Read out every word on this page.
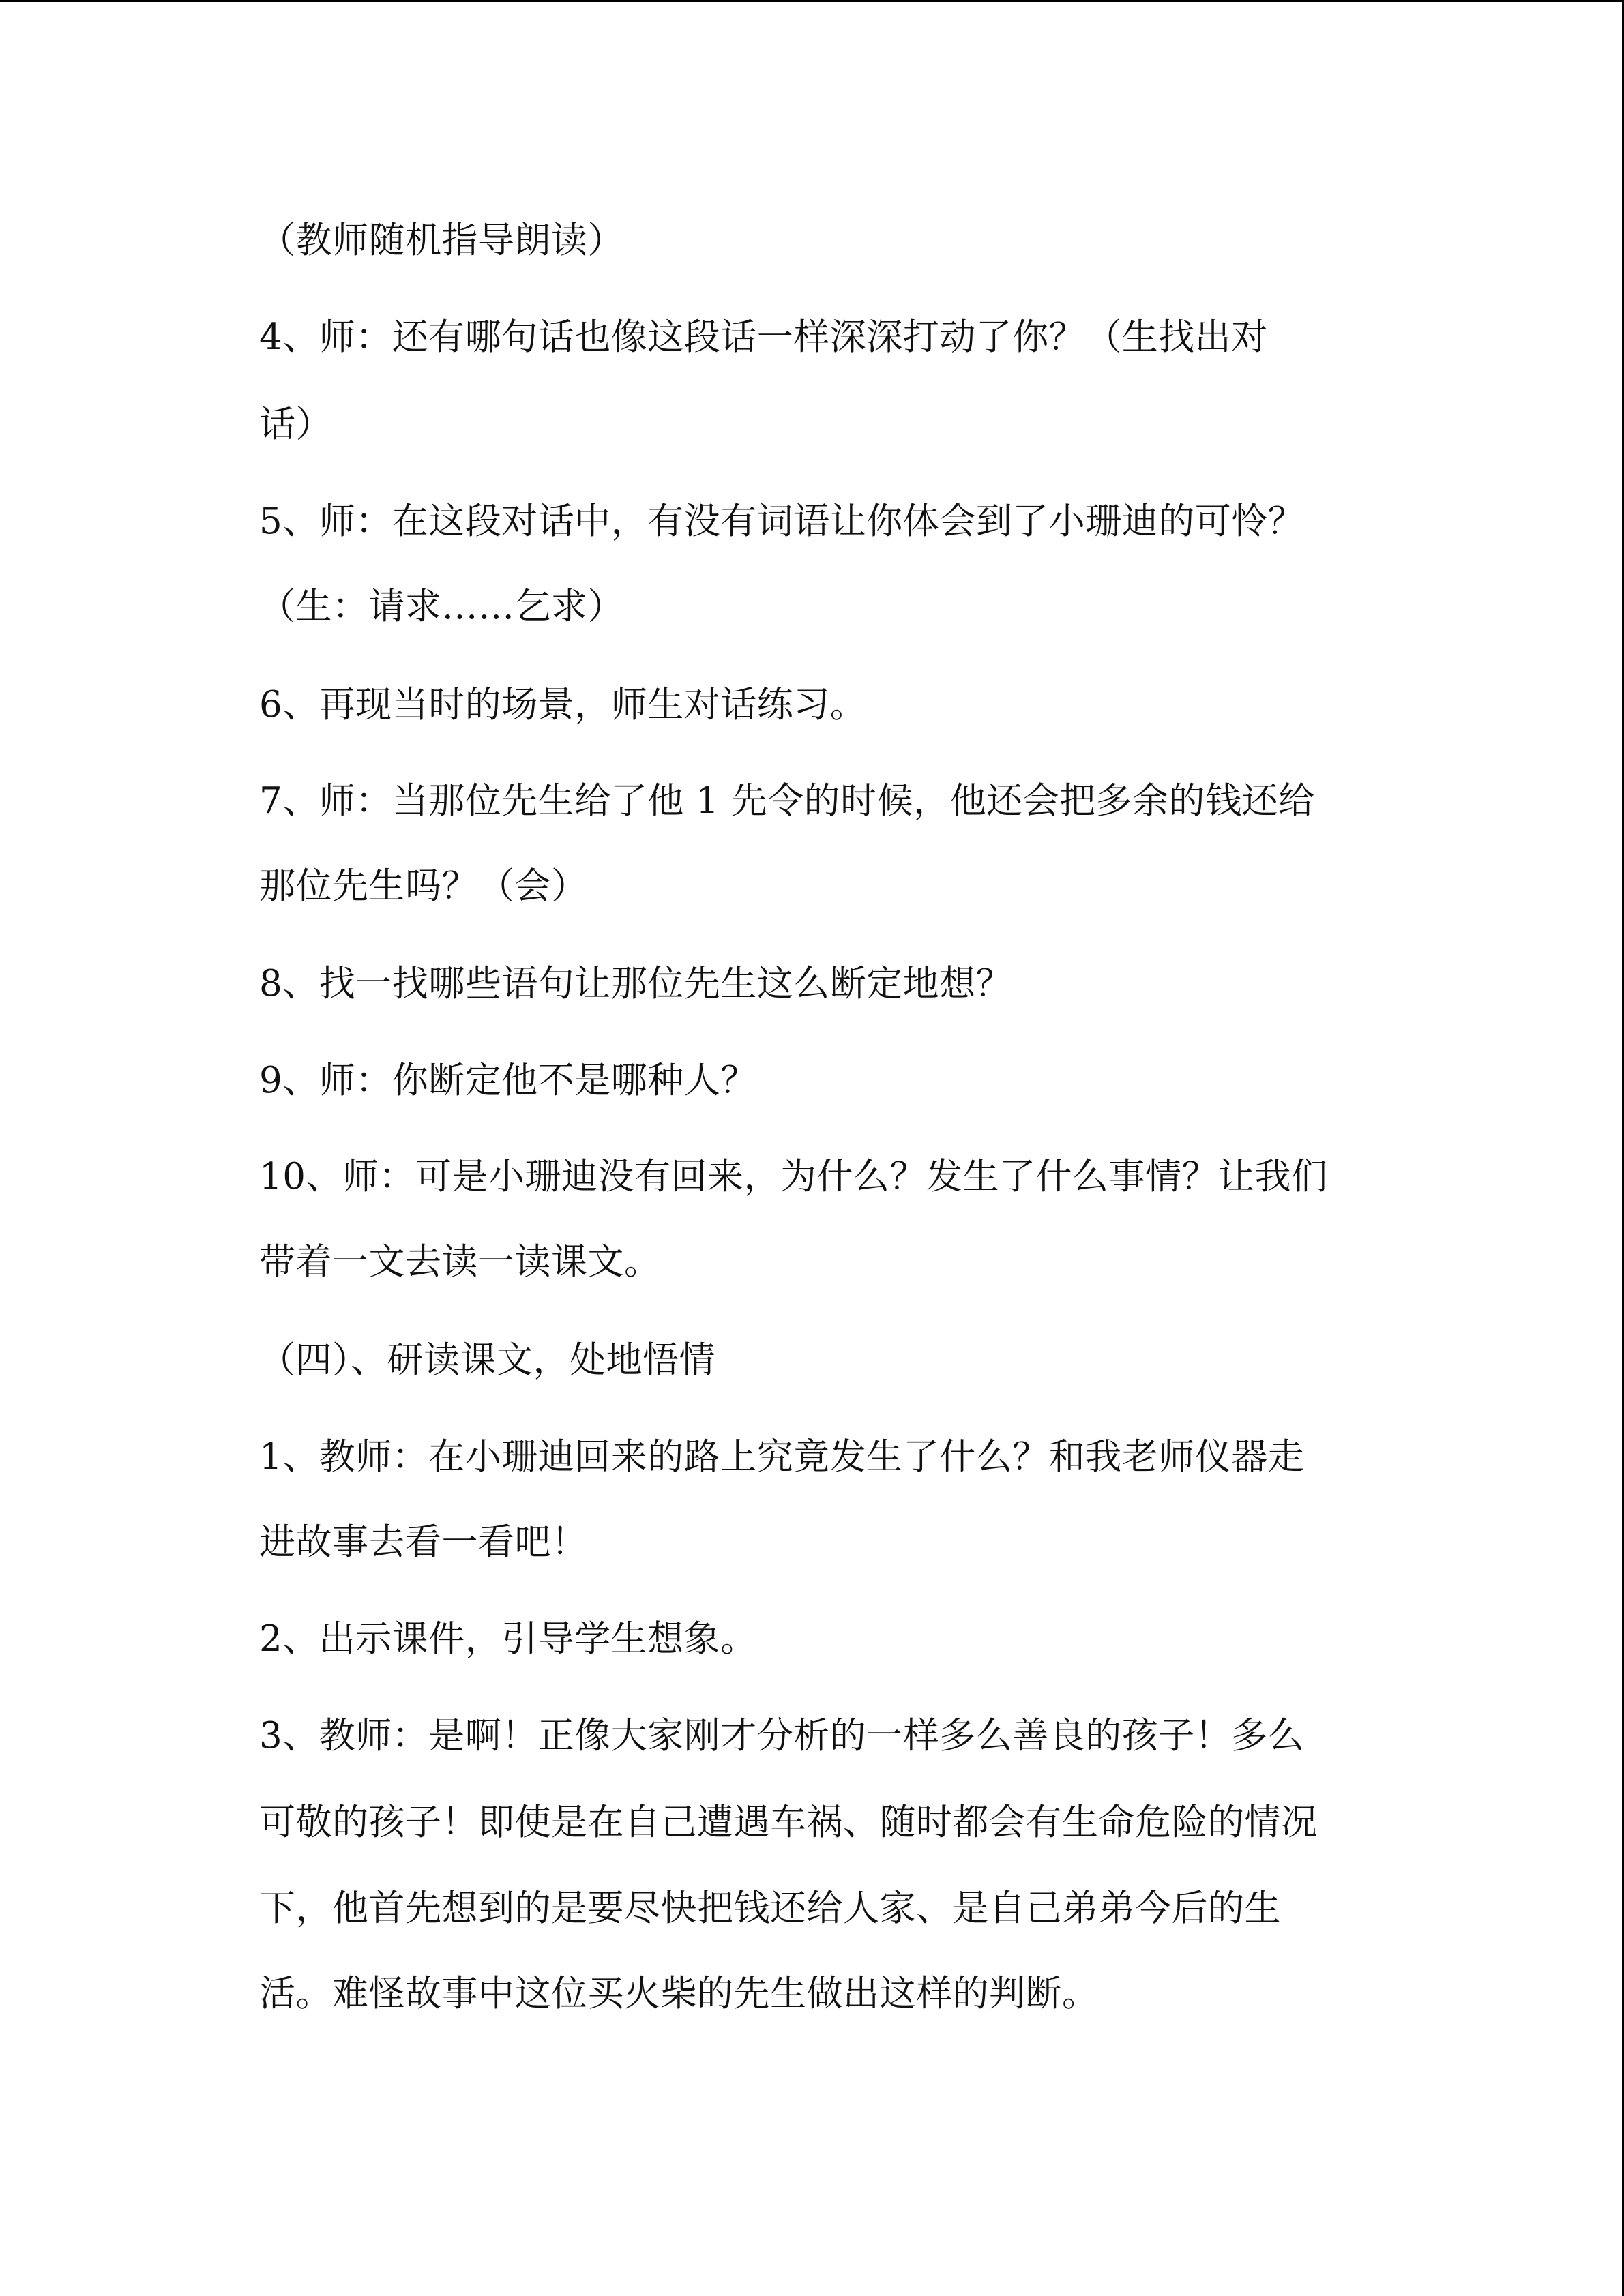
（教师随机指导朗读）

4、师：还有哪句话也像这段话一样深深打动了你？（生找出对

话）

5、师：在这段对话中，有没有词语让你体会到了小珊迪的可怜？

（生：请求……乞求）

6、再现当时的场景，师生对话练习。

7、师：当那位先生给了他 1 先令的时候，他还会把多余的钱还给

那位先生吗？（会）

8、找一找哪些语句让那位先生这么断定地想？

9、师：你断定他不是哪种人？

10、师：可是小珊迪没有回来，为什么？发生了什么事情？让我们

带着一文去读一读课文。

（四）、研读课文，处地悟情

1、教师：在小珊迪回来的路上究竟发生了什么？和我老师仪器走

进故事去看一看吧！

2、出示课件，引导学生想象。

3、教师：是啊！正像大家刚才分析的一样多么善良的孩子！多么

可敬的孩子！即使是在自己遭遇车祸、随时都会有生命危险的情况

下，他首先想到的是要尽快把钱还给人家、是自己弟弟今后的生

活。难怪故事中这位买火柴的先生做出这样的判断。
